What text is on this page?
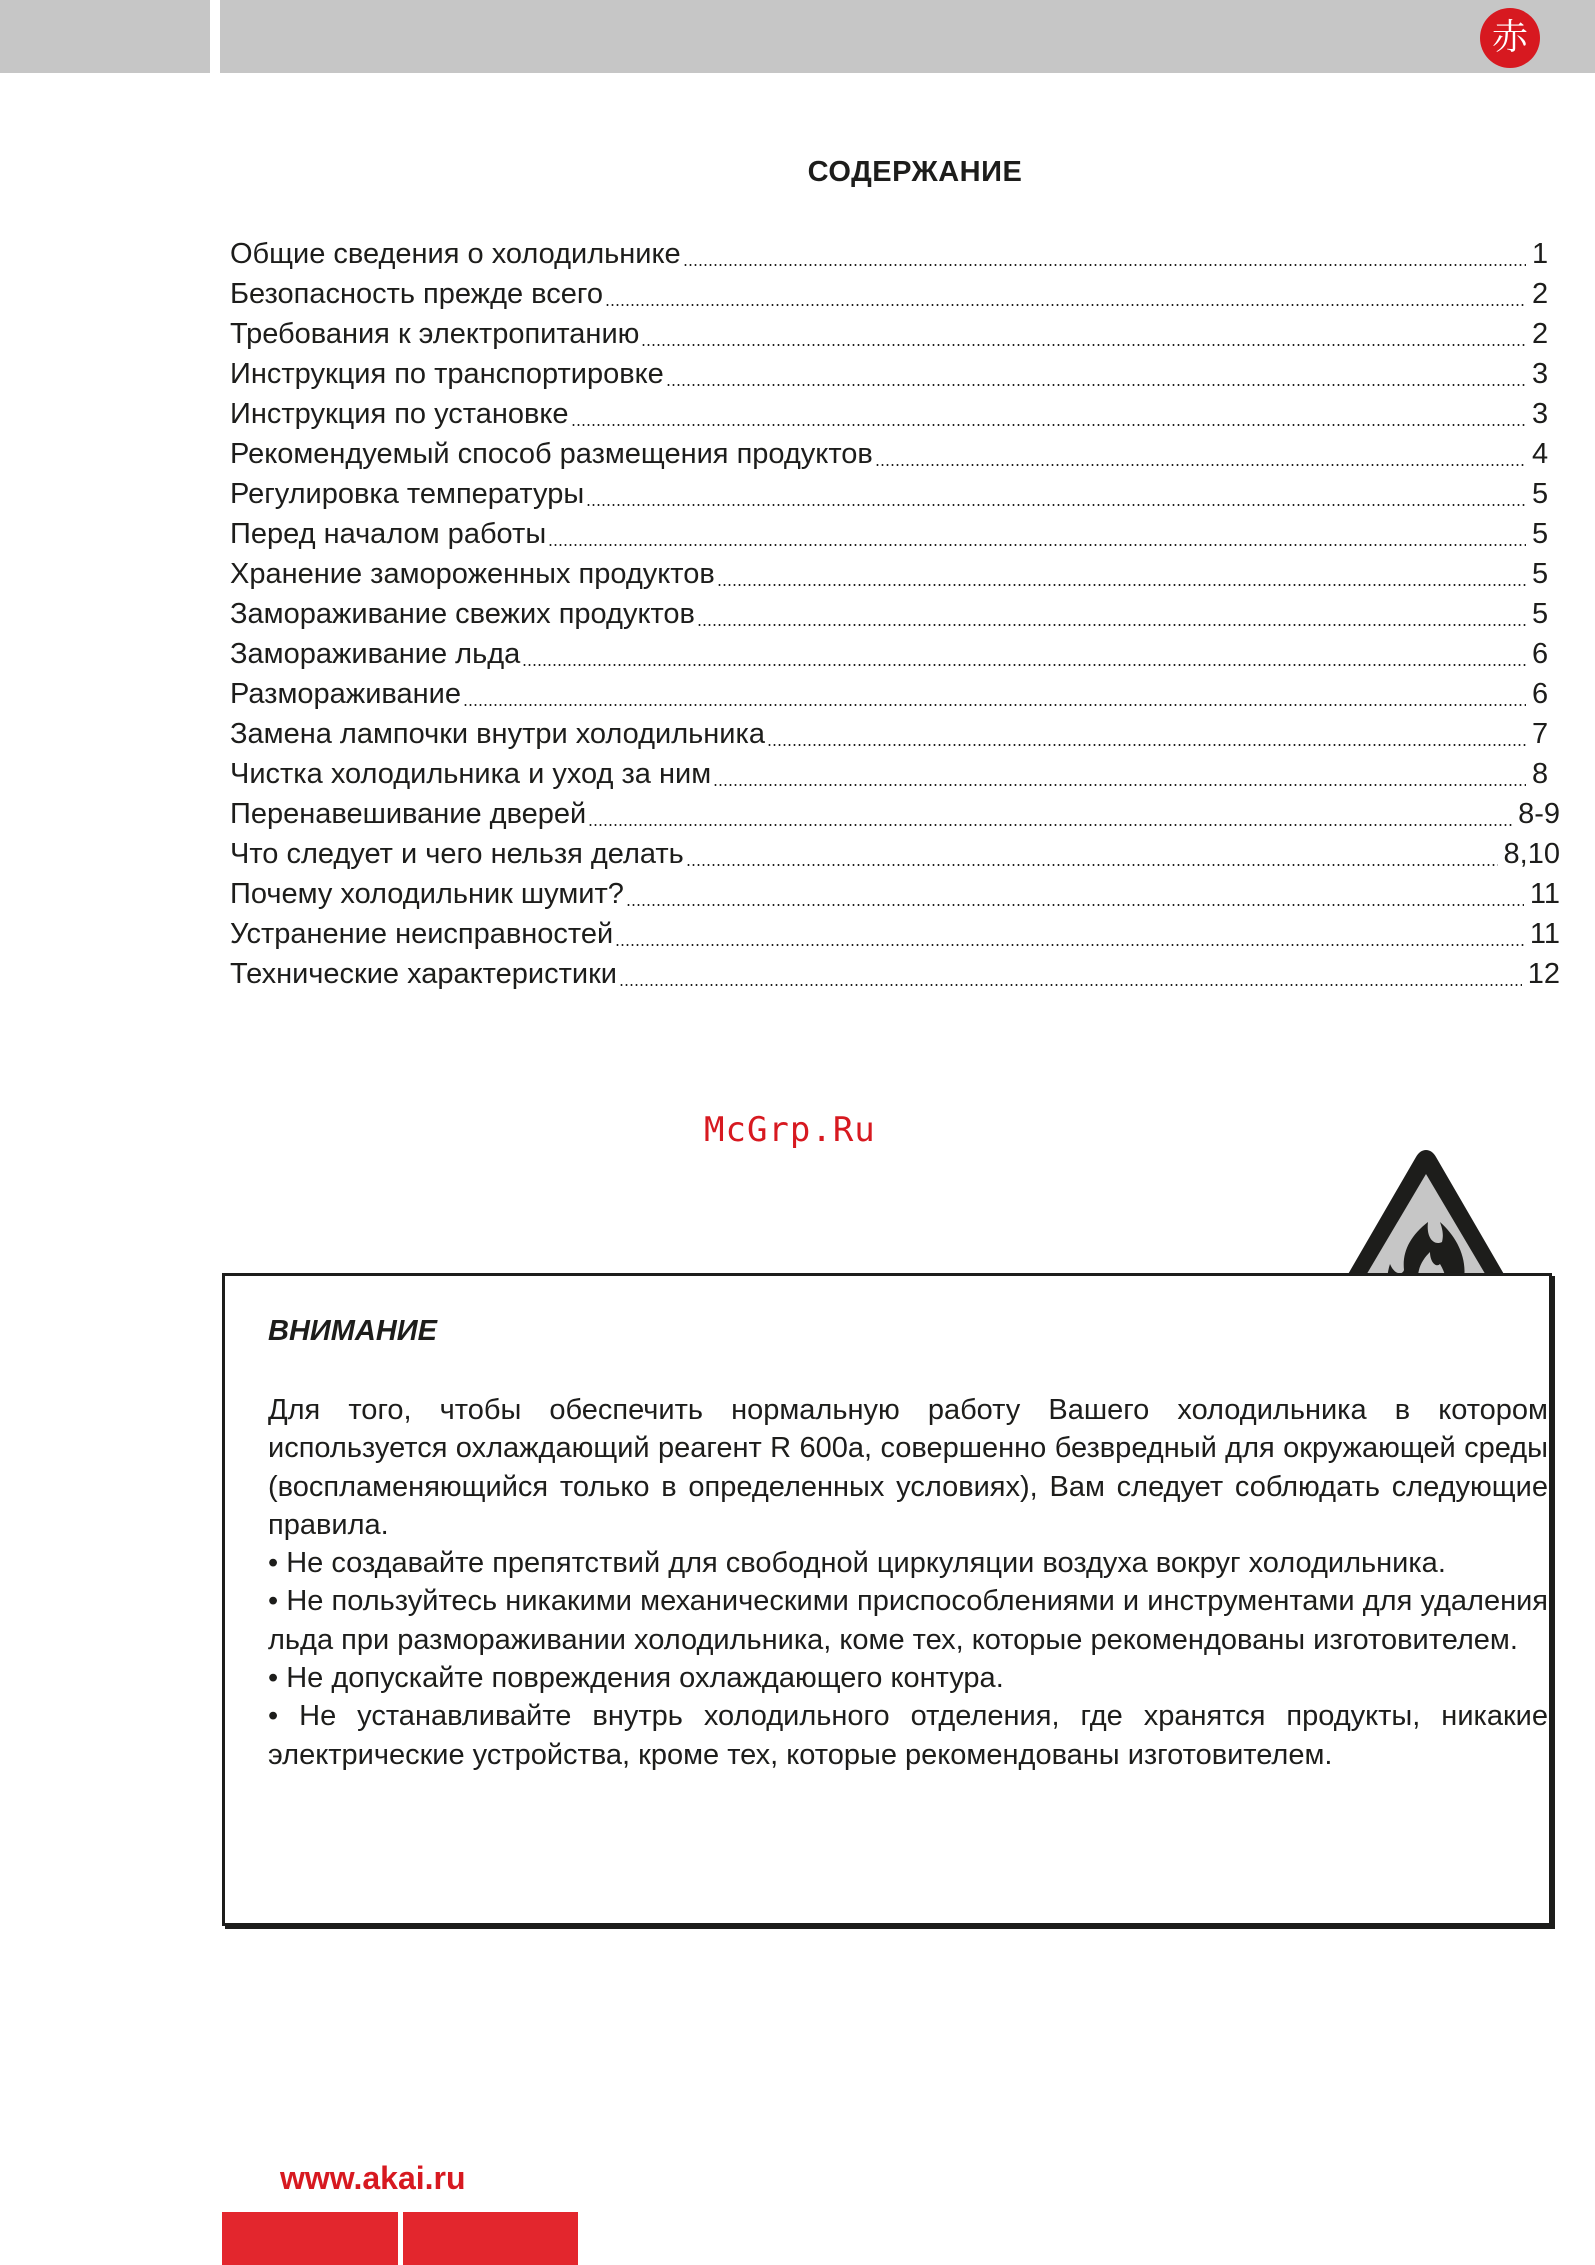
赤
СОДЕРЖАНИЕ
Общие сведения о холодильнике	1
Безопасность прежде всего	2
Требования к электропитанию	2
Инструкция по транспортировке	3
Инструкция по установке	3
Рекомендуемый способ размещения продуктов	4
Регулировка температуры	5
Перед началом работы	5
Хранение замороженных продуктов	5
Замораживание свежих продуктов	5
Замораживание льда	6
Размораживание	6
Замена лампочки внутри холодильника	7
Чистка холодильника и уход за ним	8
Перенавешивание дверей	8-9
Что следует и чего нельзя делать	8,10
Почему холодильник шумит?	11
Устранение неисправностей	11
Технические характеристики	12
McGrp.Ru
ВНИМАНИЕ

Для того, чтобы обеспечить нормальную работу Вашего холодильника в котором используется охлаждающий реагент R 600а, совершенно безвредный для окружающей среды (воспламеняющийся только в определенных условиях), Вам следует соблюдать следующие правила.

• Не создавайте препятствий для свободной циркуляции воздуха вокруг холодильника.

• Не пользуйтесь никакими механическими приспособлениями и инструментами для удаления льда при размораживании холодильника, коме тех, которые рекомендованы изготовителем.

• Не допускайте повреждения охлаждающего контура.

• Не устанавливайте внутрь холодильного отделения, где хранятся продукты, никакие электрические устройства, кроме тех, которые рекомендованы изготовителем.

www.akai.ru
